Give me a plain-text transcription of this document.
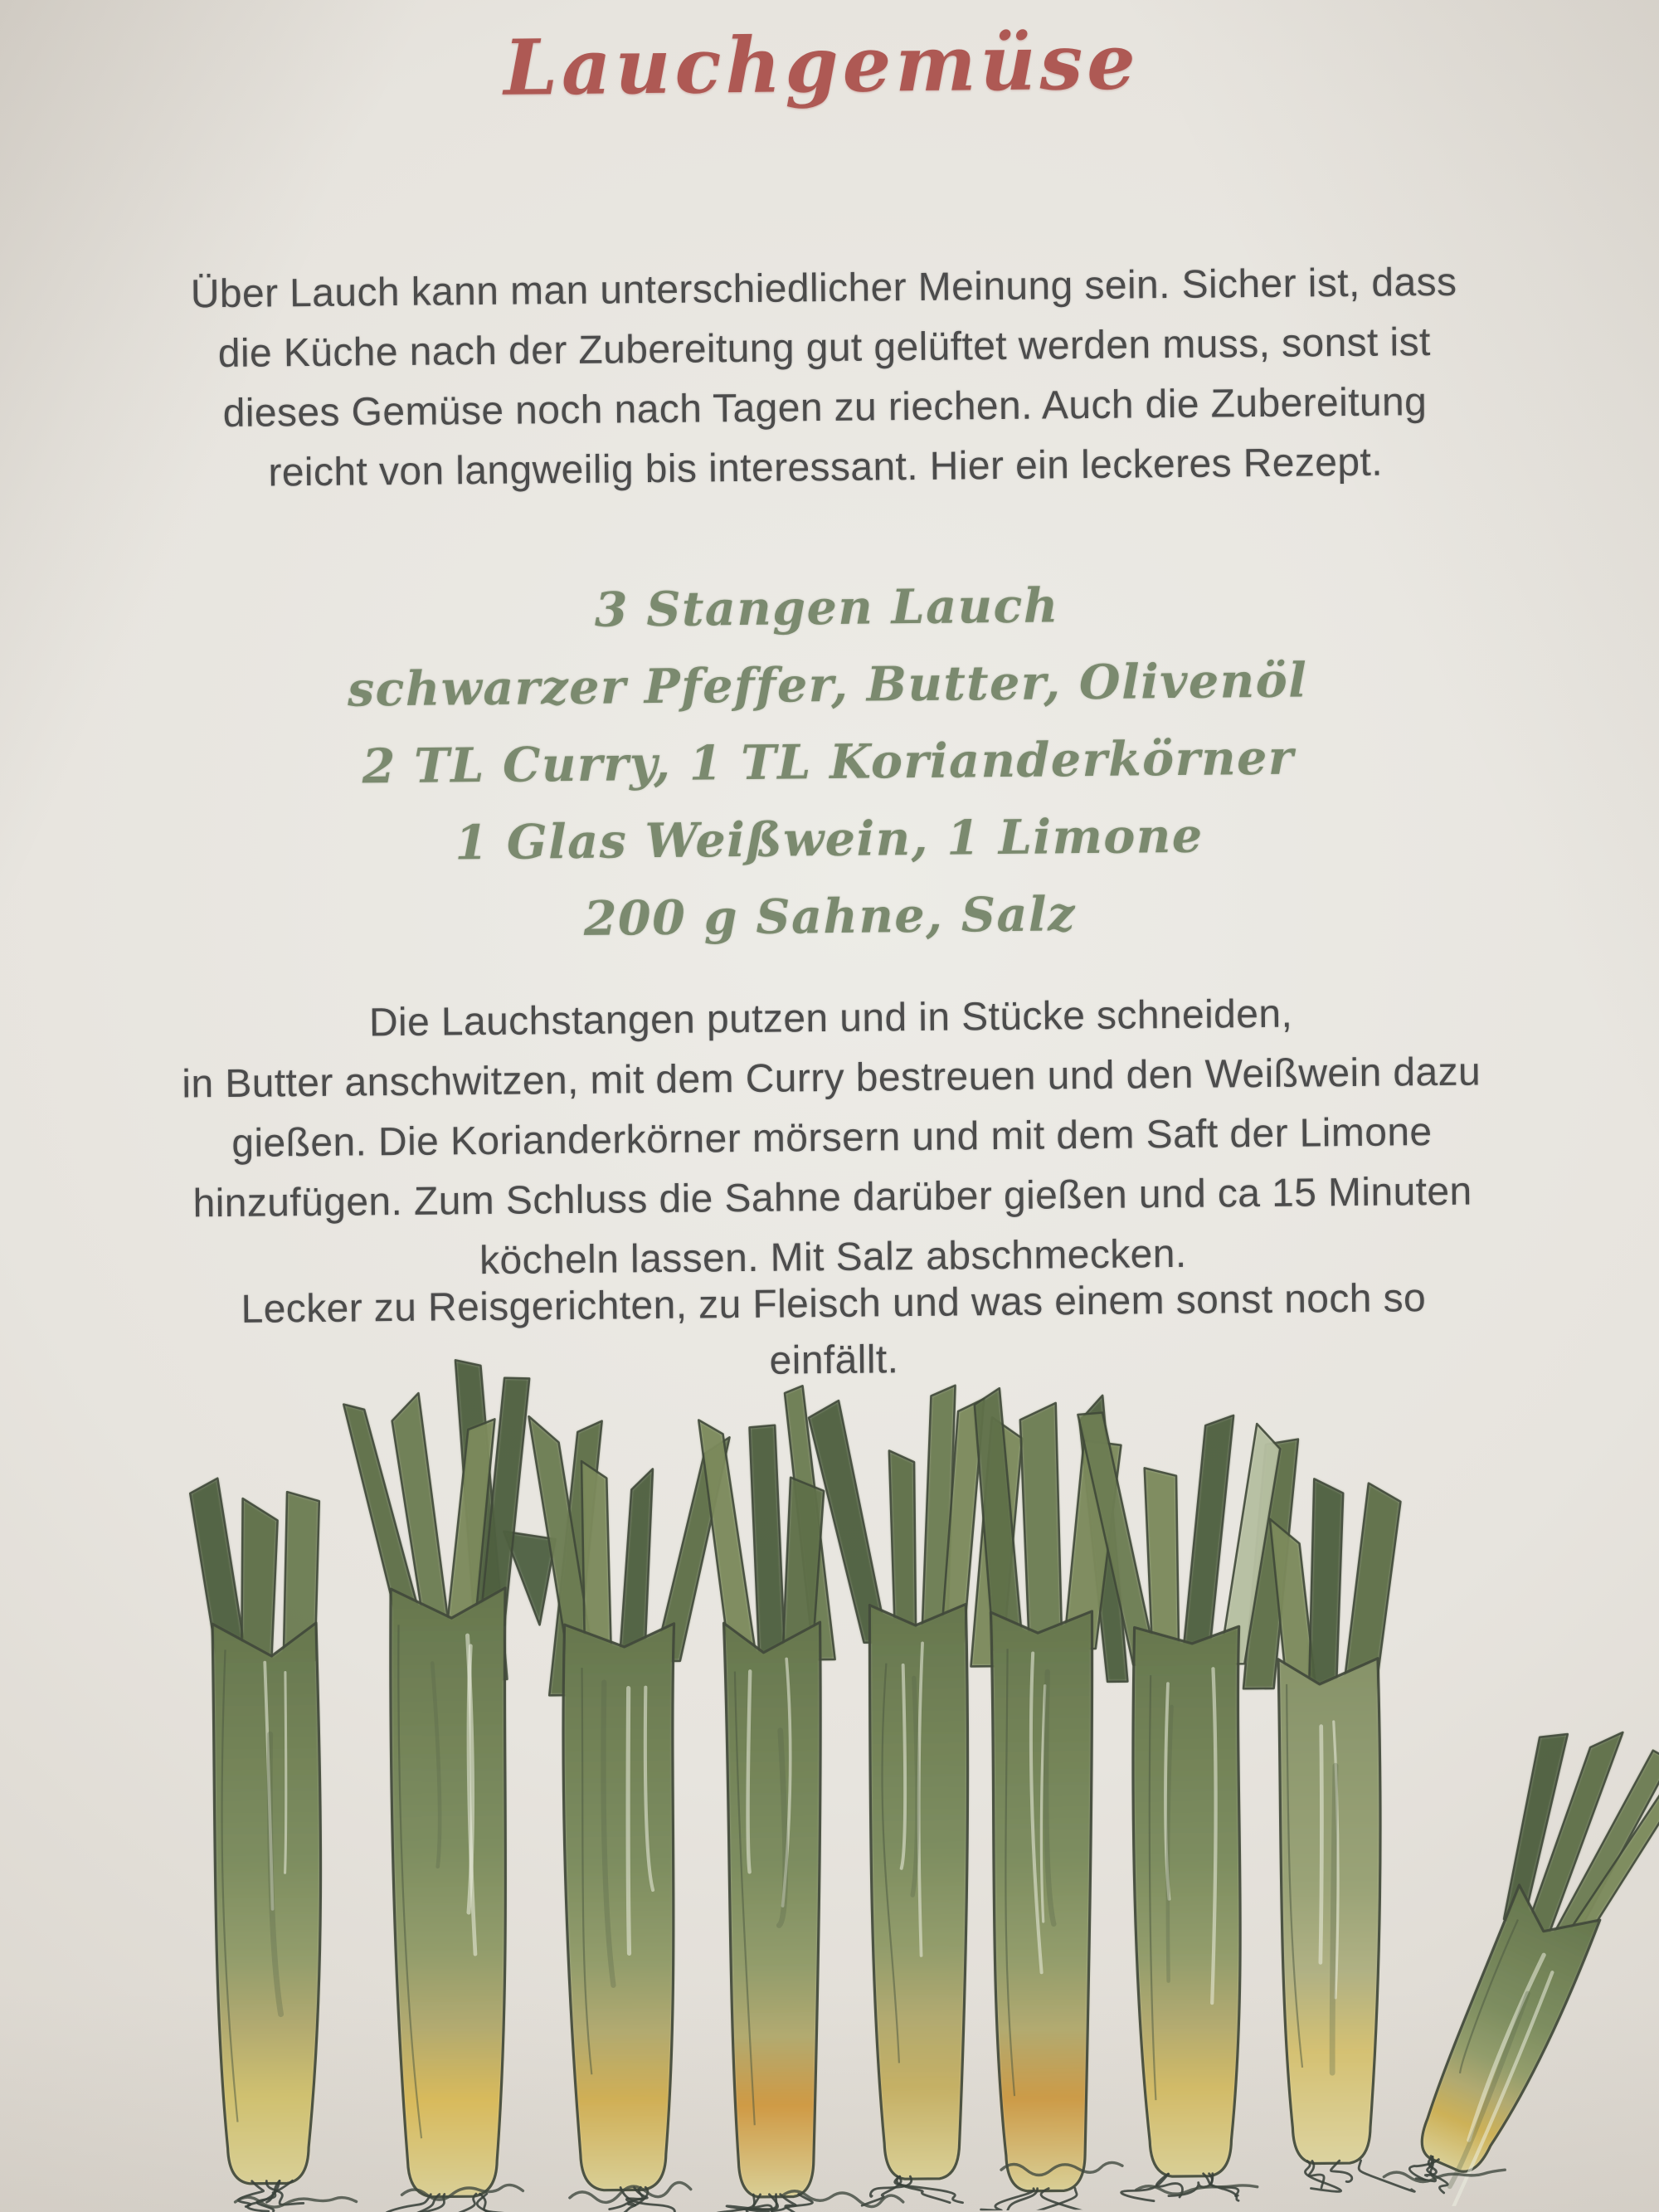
Lauchgemüse
Über Lauch kann man unterschiedlicher Meinung sein. Sicher ist, dass
die Küche nach der Zubereitung gut gelüftet werden muss, sonst ist
dieses Gemüse noch nach Tagen zu riechen. Auch die Zubereitung
reicht von langweilig bis interessant. Hier ein leckeres Rezept.
3 Stangen Lauch
schwarzer Pfeffer, Butter, Olivenöl
2 TL Curry, 1 TL Korianderkörner
1 Glas Weißwein, 1 Limone
200 g Sahne, Salz
Die Lauchstangen putzen und in Stücke schneiden,
in Butter anschwitzen, mit dem Curry bestreuen und den Weißwein dazu
gießen. Die Korianderkörner mörsern und mit dem Saft der Limone
hinzufügen. Zum Schluss die Sahne darüber gießen und ca 15 Minuten
köcheln lassen. Mit Salz abschmecken.
Lecker zu Reisgerichten, zu Fleisch und was einem sonst noch so
einfällt.
